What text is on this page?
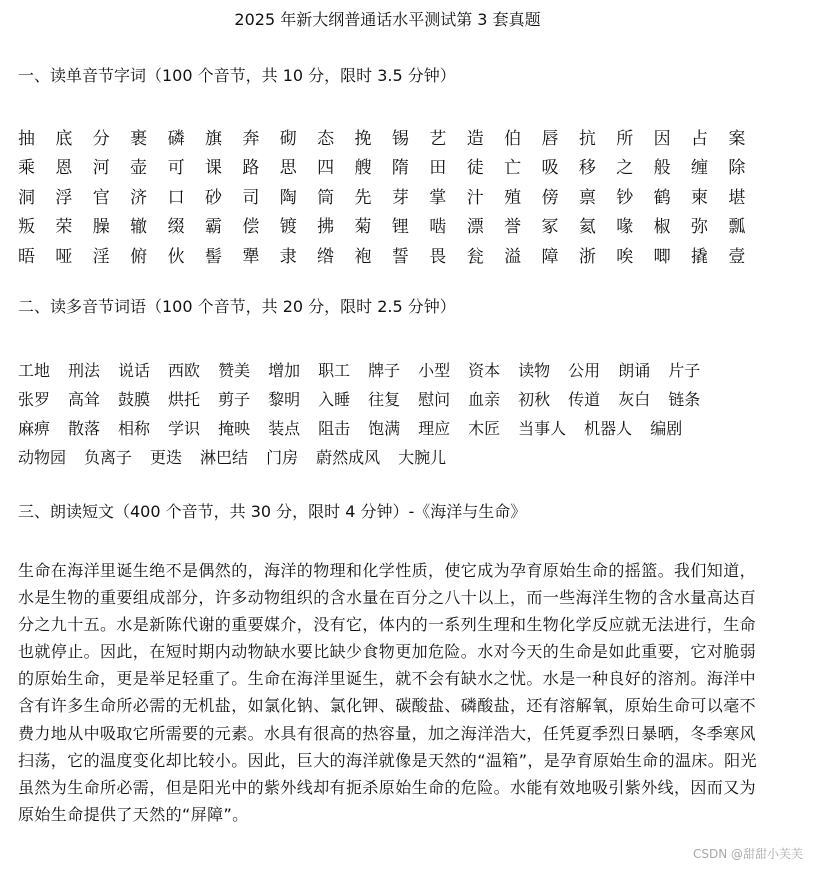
2025 年新大纲普通话水平测试第 3 套真题
一、读单音节字词（100 个音节，共 10 分，限时 3.5 分钟）
抽	底	分	裹	磷	旗	奔	砌	态	挽	锡	艺	造	伯	唇	抗	所	因	占	案
乘	恩	河	壶	可	课	路	思	四	艘	隋	田	徒	亡	吸	移	之	般	缠	除
洞	浮	官	济	口	砂	司	陶	筒	先	芽	掌	汁	殖	傍	禀	钞	鹤	柬	堪
叛	荣	臊	辙	缀	霸	偿	镀	拂	菊	锂	啮	漂	誉	冢	氦	喙	椒	弥	瓢
晤	哑	淫	俯	伙	髻	犟	隶	绺	袍	誓	畏	瓮	溢	障	浙	唉	唧	撬	壹
二、读多音节词语（100 个音节，共 20 分，限时 2.5 分钟）
工地 刑法 说话 西欧 赞美 增加 职工 牌子 小型 资本 读物 公用 朗诵 片子
张罗 高耸 鼓膜 烘托 剪子 黎明 入睡 往复 慰问 血亲 初秋 传道 灰白 链条
麻痹 散落 相称 学识 掩映 装点 阻击 饱满 理应 木匠 当事人 机器人 编剧
动物园 负离子 更迭 淋巴结 门房 蔚然成风 大腕儿
三、朗读短文（400 个音节，共 30 分，限时 4 分钟）-《海洋与生命》
生命在海洋里诞生绝不是偶然的，海洋的物理和化学性质，使它成为孕育原始生命的摇篮。我们知道，水是生物的重要组成部分，许多动物组织的含水量在百分之八十以上，而一些海洋生物的含水量高达百分之九十五。水是新陈代谢的重要媒介，没有它，体内的一系列生理和生物化学反应就无法进行，生命也就停止。因此，在短时期内动物缺水要比缺少食物更加危险。水对今天的生命是如此重要，它对脆弱的原始生命，更是举足轻重了。生命在海洋里诞生，就不会有缺水之忧。水是一种良好的溶剂。海洋中含有许多生命所必需的无机盐，如氯化钠、氯化钾、碳酸盐、磷酸盐，还有溶解氧，原始生命可以毫不费力地从中吸取它所需要的元素。水具有很高的热容量，加之海洋浩大，任凭夏季烈日暴晒，冬季寒风扫荡，它的温度变化却比较小。因此，巨大的海洋就像是天然的“温箱”，是孕育原始生命的温床。阳光虽然为生命所必需，但是阳光中的紫外线却有扼杀原始生命的危险。水能有效地吸引紫外线，因而又为原始生命提供了天然的“屏障”。
CSDN @甜甜小芙芙
